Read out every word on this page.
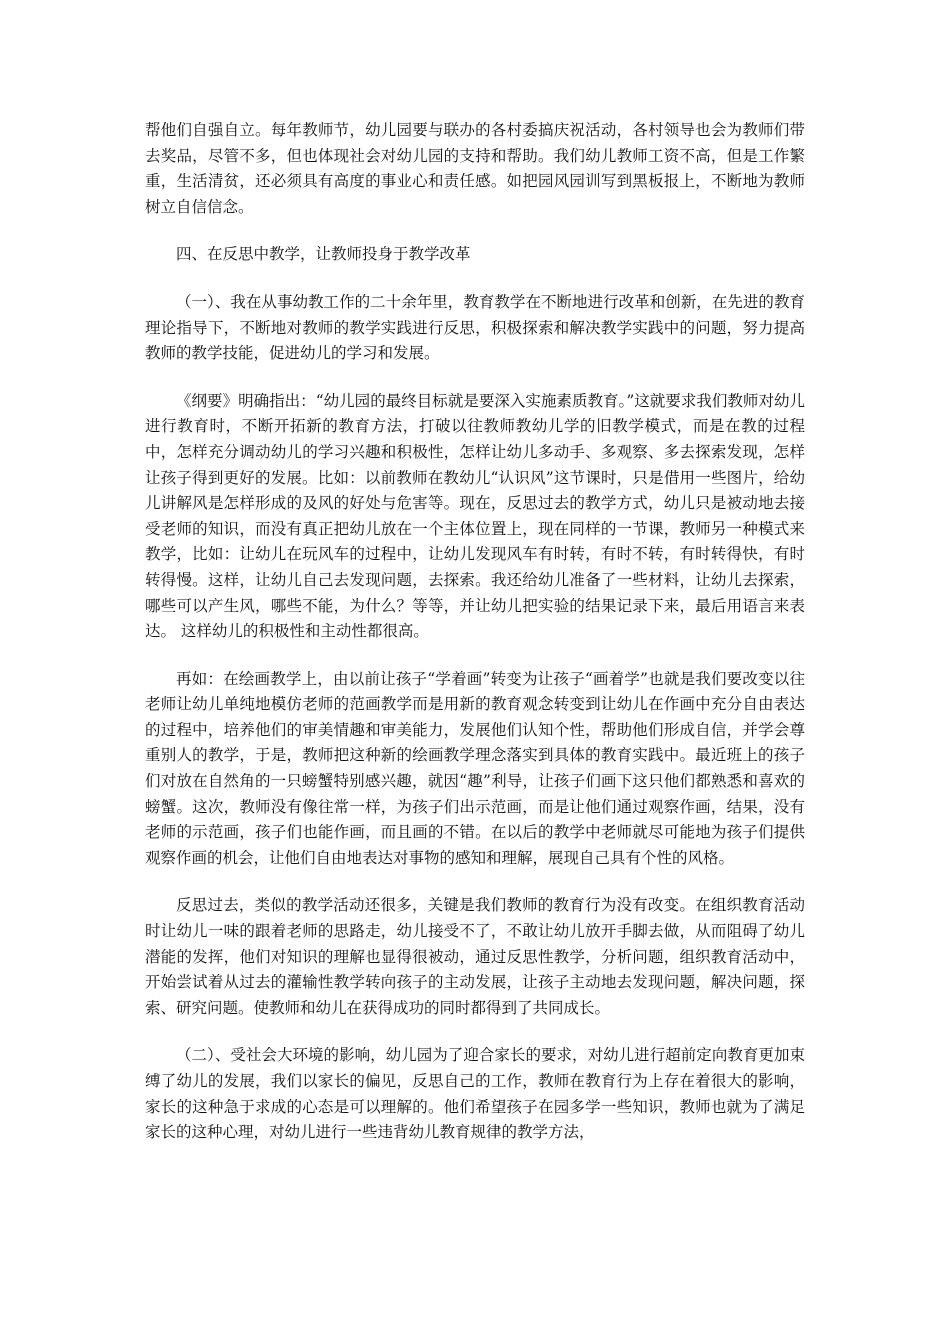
帮他们自强自立。每年教师节，幼儿园要与联办的各村委搞庆祝活动，各村领导也会为教师们带去奖品，尽管不多，但也体现社会对幼儿园的支持和帮助。我们幼儿教师工资不高，但是工作繁重，生活清贫，还必须具有高度的事业心和责任感。如把园风园训写到黑板报上，不断地为教师树立自信信念。

四、在反思中教学，让教师投身于教学改革

（一）、我在从事幼教工作的二十余年里，教育教学在不断地进行改革和创新，在先进的教育理论指导下，不断地对教师的教学实践进行反思，积极探索和解决教学实践中的问题，努力提高教师的教学技能，促进幼儿的学习和发展。

《纲要》明确指出：“幼儿园的最终目标就是要深入实施素质教育。”这就要求我们教师对幼儿进行教育时，不断开拓新的教育方法，打破以往教师教幼儿学的旧教学模式，而是在教的过程中，怎样充分调动幼儿的学习兴趣和积极性，怎样让幼儿多动手、多观察、多去探索发现，怎样让孩子得到更好的发展。比如：以前教师在教幼儿“认识风”这节课时，只是借用一些图片，给幼儿讲解风是怎样形成的及风的好处与危害等。现在，反思过去的教学方式，幼儿只是被动地去接受老师的知识，而没有真正把幼儿放在一个主体位置上，现在同样的一节课，教师另一种模式来教学，比如：让幼儿在玩风车的过程中，让幼儿发现风车有时转，有时不转，有时转得快，有时转得慢。这样，让幼儿自己去发现问题，去探索。我还给幼儿准备了一些材料，让幼儿去探索，哪些可以产生风，哪些不能，为什么？等等，并让幼儿把实验的结果记录下来，最后用语言来表达。 这样幼儿的积极性和主动性都很高。

再如：在绘画教学上，由以前让孩子“学着画”转变为让孩子“画着学”也就是我们要改变以往老师让幼儿单纯地模仿老师的范画教学而是用新的教育观念转变到让幼儿在作画中充分自由表达的过程中，培养他们的审美情趣和审美能力，发展他们认知个性，帮助他们形成自信，并学会尊重别人的教学，于是，教师把这种新的绘画教学理念落实到具体的教育实践中。最近班上的孩子们对放在自然角的一只螃蟹特别感兴趣，就因“趣”利导，让孩子们画下这只他们都熟悉和喜欢的螃蟹。这次，教师没有像往常一样，为孩子们出示范画，而是让他们通过观察作画，结果，没有老师的示范画，孩子们也能作画，而且画的不错。在以后的教学中老师就尽可能地为孩子们提供观察作画的机会，让他们自由地表达对事物的感知和理解，展现自己具有个性的风格。

反思过去，类似的教学活动还很多，关键是我们教师的教育行为没有改变。在组织教育活动时让幼儿一味的跟着老师的思路走，幼儿接受不了，不敢让幼儿放开手脚去做，从而阻碍了幼儿潜能的发挥，他们对知识的理解也显得很被动，通过反思性教学，分析问题，组织教育活动中，开始尝试着从过去的灌输性教学转向孩子的主动发展，让孩子主动地去发现问题，解决问题，探索、研究问题。使教师和幼儿在获得成功的同时都得到了共同成长。

（二）、受社会大环境的影响，幼儿园为了迎合家长的要求，对幼儿进行超前定向教育更加束缚了幼儿的发展，我们以家长的偏见，反思自己的工作，教师在教育行为上存在着很大的影响，家长的这种急于求成的心态是可以理解的。他们希望孩子在园多学一些知识，教师也就为了满足家长的这种心理，对幼儿进行一些违背幼儿教育规律的教学方法，
